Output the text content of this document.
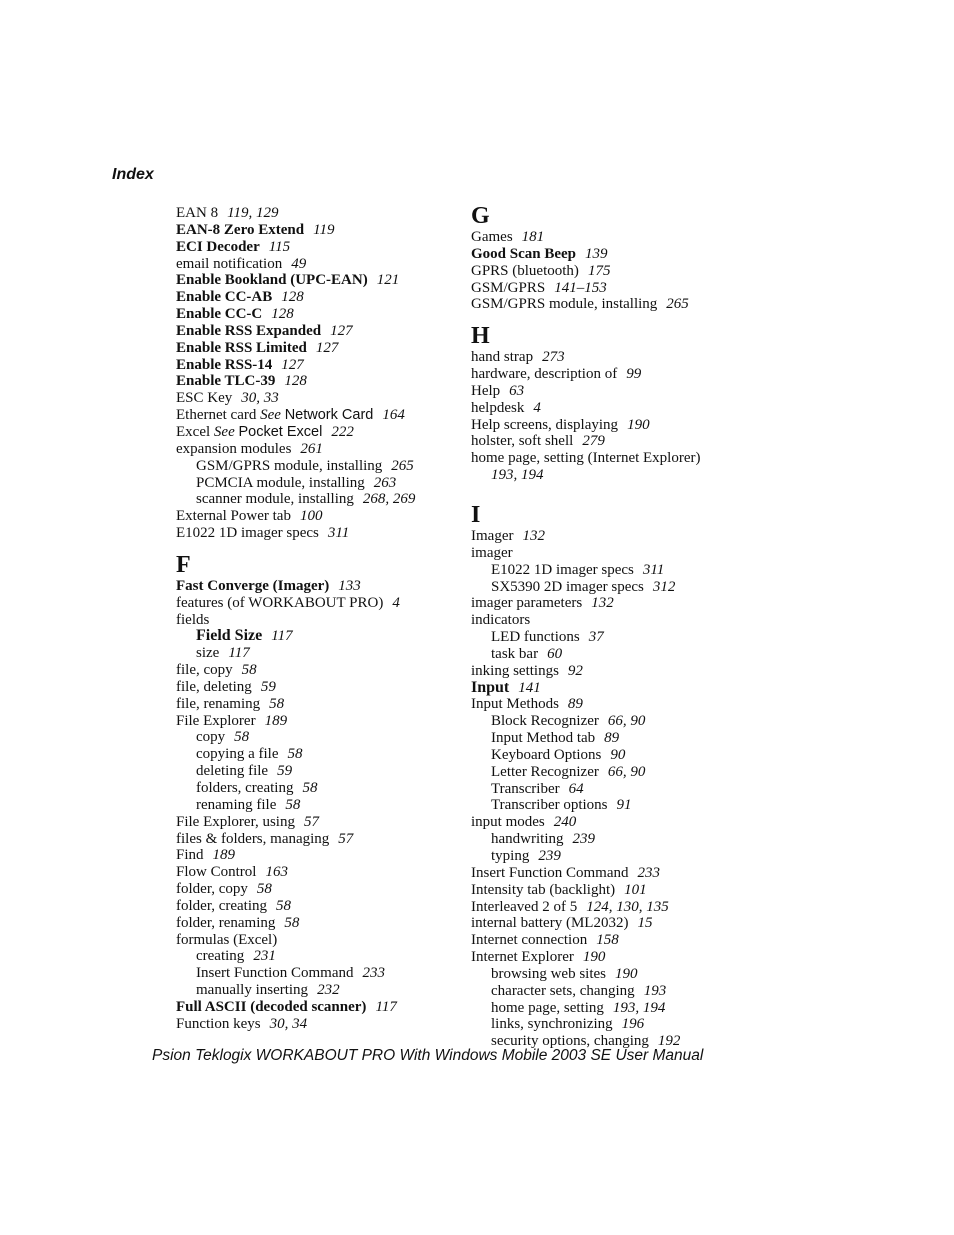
Index
EAN 8 119, 129
EAN-8 Zero Extend 119
ECI Decoder 115
email notification 49
Enable Bookland (UPC-EAN) 121
Enable CC-AB 128
Enable CC-C 128
Enable RSS Expanded 127
Enable RSS Limited 127
Enable RSS-14 127
Enable TLC-39 128
ESC Key 30, 33
Ethernet card See Network Card 164
Excel See Pocket Excel 222
expansion modules 261
GSM/GPRS module, installing 265
PCMCIA module, installing 263
scanner module, installing 268, 269
External Power tab 100
E1022 1D imager specs 311
F
Fast Converge (Imager) 133
features (of WORKABOUT PRO) 4
fields
Field Size 117
size 117
file, copy 58
file, deleting 59
file, renaming 58
File Explorer 189
copy 58
copying a file 58
deleting file 59
folders, creating 58
renaming file 58
File Explorer, using 57
files & folders, managing 57
Find 189
Flow Control 163
folder, copy 58
folder, creating 58
folder, renaming 58
formulas (Excel)
creating 231
Insert Function Command 233
manually inserting 232
Full ASCII (decoded scanner) 117
Function keys 30, 34
G
Games 181
Good Scan Beep 139
GPRS (bluetooth) 175
GSM/GPRS 141–153
GSM/GPRS module, installing 265
H
hand strap 273
hardware, description of 99
Help 63
helpdesk 4
Help screens, displaying 190
holster, soft shell 279
home page, setting (Internet Explorer)
193, 194
I
Imager 132
imager
E1022 1D imager specs 311
SX5390 2D imager specs 312
imager parameters 132
indicators
LED functions 37
task bar 60
inking settings 92
Input 141
Input Methods 89
Block Recognizer 66, 90
Input Method tab 89
Keyboard Options 90
Letter Recognizer 66, 90
Transcriber 64
Transcriber options 91
input modes 240
handwriting 239
typing 239
Insert Function Command 233
Intensity tab (backlight) 101
Interleaved 2 of 5 124, 130, 135
internal battery (ML2032) 15
Internet connection 158
Internet Explorer 190
browsing web sites 190
character sets, changing 193
home page, setting 193, 194
links, synchronizing 196
security options, changing 192
Psion Teklogix WORKABOUT PRO With Windows Mobile 2003 SE User Manual
